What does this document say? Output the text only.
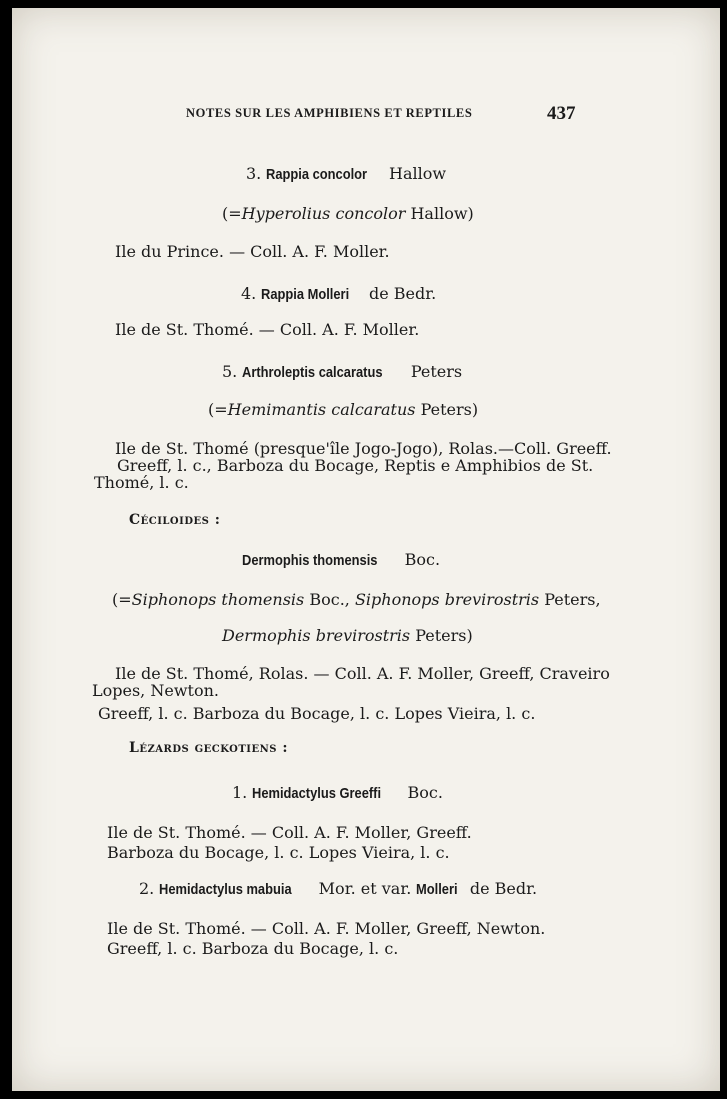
NOTES SUR LES AMPHIBIENS ET REPTILES	437
3. Rappia concolor Hallow
(=Hyperolius concolor Hallow)
Ile du Prince. — Coll. A. F. Moller.
4. Rappia Molleri de Bedr.
Ile de St. Thomé. — Coll. A. F. Moller.
5. Arthroleptis calcaratus Peters
(=Hemimantis calcaratus Peters)
Ile de St. Thomé (presque'île Jogo-Jogo), Rolas.—Coll. Greeff.
Greeff, l. c., Barboza du Bocage, Reptis e Amphibios de St.
Thomé, l. c.
Céciloides :
Dermophis thomensis Boc.
(=Siphonops thomensis Boc., Siphonops brevirostris Peters,
Dermophis brevirostris Peters)
Ile de St. Thomé, Rolas. — Coll. A. F. Moller, Greeff, Craveiro
Lopes, Newton.
Greeff, l. c. Barboza du Bocage, l. c. Lopes Vieira, l. c.
Lézards geckotiens :
1. Hemidactylus Greeffi Boc.
Ile de St. Thomé. — Coll. A. F. Moller, Greeff.
Barboza du Bocage, l. c. Lopes Vieira, l. c.
2. Hemidactylus mabuia Mor. et var. Molleri de Bedr.
Ile de St. Thomé. — Coll. A. F. Moller, Greeff, Newton.
Greeff, l. c. Barboza du Bocage, l. c.
